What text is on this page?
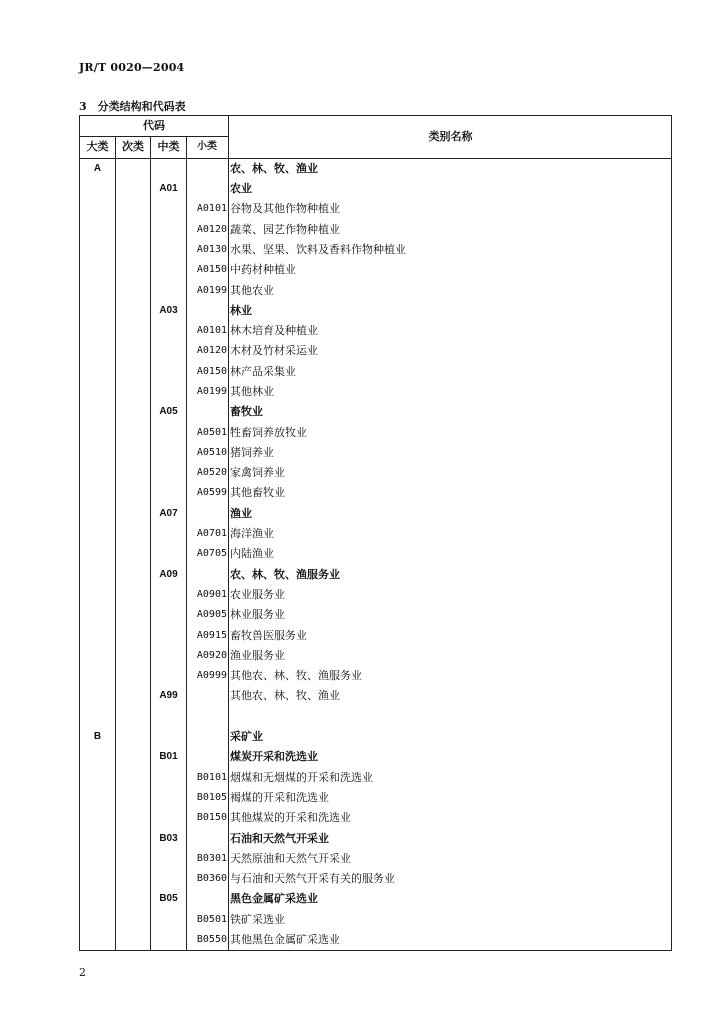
JR/T 0020—2004
3　分类结构和代码表
代码				类别名称
大类	次类	中类	小类	
A				农、林、牧、渔业
		A01		农业
			A0101	谷物及其他作物种植业
			A0120	蔬菜、园艺作物种植业
			A0130	水果、坚果、饮料及香料作物种植业
			A0150	中药材种植业
			A0199	其他农业
		A03		林业
			A0101	林木培育及种植业
			A0120	木材及竹材采运业
			A0150	林产品采集业
			A0199	其他林业
		A05		畜牧业
			A0501	牲畜饲养放牧业
			A0510	猪饲养业
			A0520	家禽饲养业
			A0599	其他畜牧业
		A07		渔业
			A0701	海洋渔业
			A0705	内陆渔业
		A09		农、林、牧、渔服务业
			A0901	农业服务业
			A0905	林业服务业
			A0915	畜牧兽医服务业
			A0920	渔业服务业
			A0999	其他农、林、牧、渔服务业
		A99		其他农、林、牧、渔业

B				采矿业
		B01		煤炭开采和洗选业
			B0101	烟煤和无烟煤的开采和洗选业
			B0105	褐煤的开采和洗选业
			B0150	其他煤炭的开采和洗选业
		B03		石油和天然气开采业
			B0301	天然原油和天然气开采业
			B0360	与石油和天然气开采有关的服务业
		B05		黑色金属矿采选业
			B0501	铁矿采选业
			B0550	其他黑色金属矿采选业
2
